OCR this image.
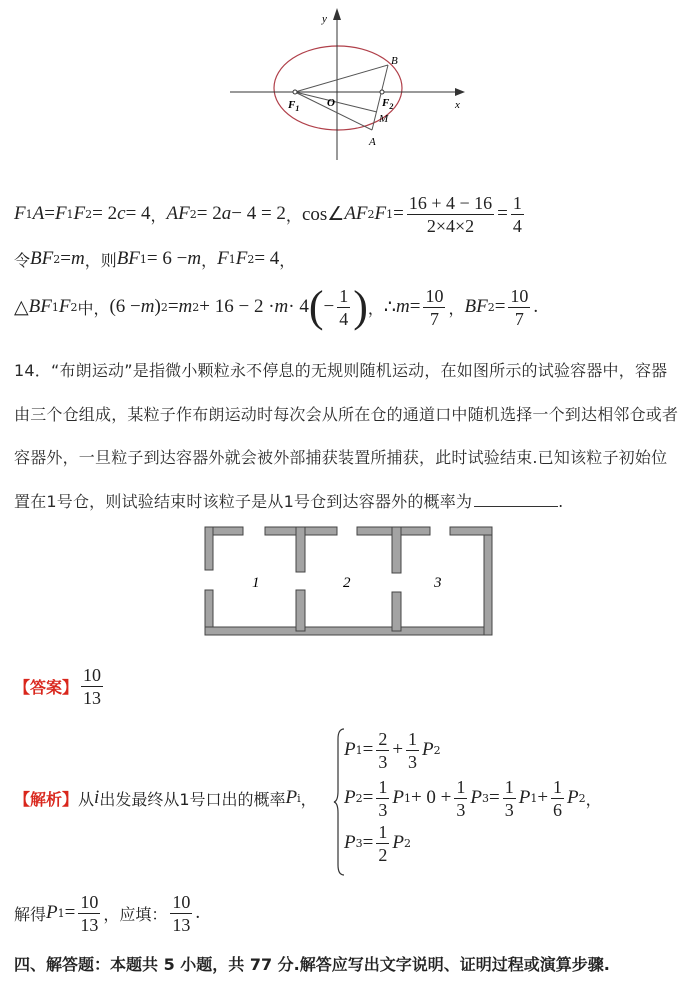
y
x
O
B
A
M
$F_1$	$F_2$
F 1 A = F 1 F 2 = 2 c = 4 ， AF 2 = 2 a − 4 = 2 ， cos∠ AF 2 F $1 = \frac{16 + 4 - 16}{2\times 4\times 2} = \frac{1}{4}$
令 BF 2 = m ，则 BF 1 = 6 − m ， F 1 F 2 = 4 ，
△ BF 1 F 2 中， (6 − m ) 2 = m 2 + 16 − 2 · m · 4 ( − $\frac{1}{4}$ ) ， ∴ $m = \frac{10}{7}$ ， BF $2 = \frac{10}{7}$ .
14．“布朗运动”是指微小颗粒永不停息的无规则随机运动，在如图所示的试验容器中，容器
由三个仓组成，某粒子作布朗运动时每次会从所在仓的通道口中随机选择一个到达相邻仓或者
容器外，一旦粒子到达容器外就会被外部捕获装置所捕获，此时试验结束.已知该粒子初始位
置在1号仓，则试验结束时该粒子是从1号仓到达容器外的概率为	.
1	2	3
【答案】 $\frac{10}{13}$
【解析】 从 i 出发最终从1号口出的概率 P i ，
P $1 = \frac{2}{3} + \frac{1}{3}$ P 2
P $2 = \frac{1}{3}$ P $1 + 0 + \frac{1}{3}$ P $3 = \frac{1}{3}$ P $1 + \frac{1}{6}$ P 2 ，
P $3 = \frac{1}{2}$ P 2
解得 P $1 = \frac{10}{13}$ ，应填： $\frac{10}{13}$ .
四、解答题：本题共 5 小题，共 77 分.解答应写出文字说明、证明过程或演算步骤.
